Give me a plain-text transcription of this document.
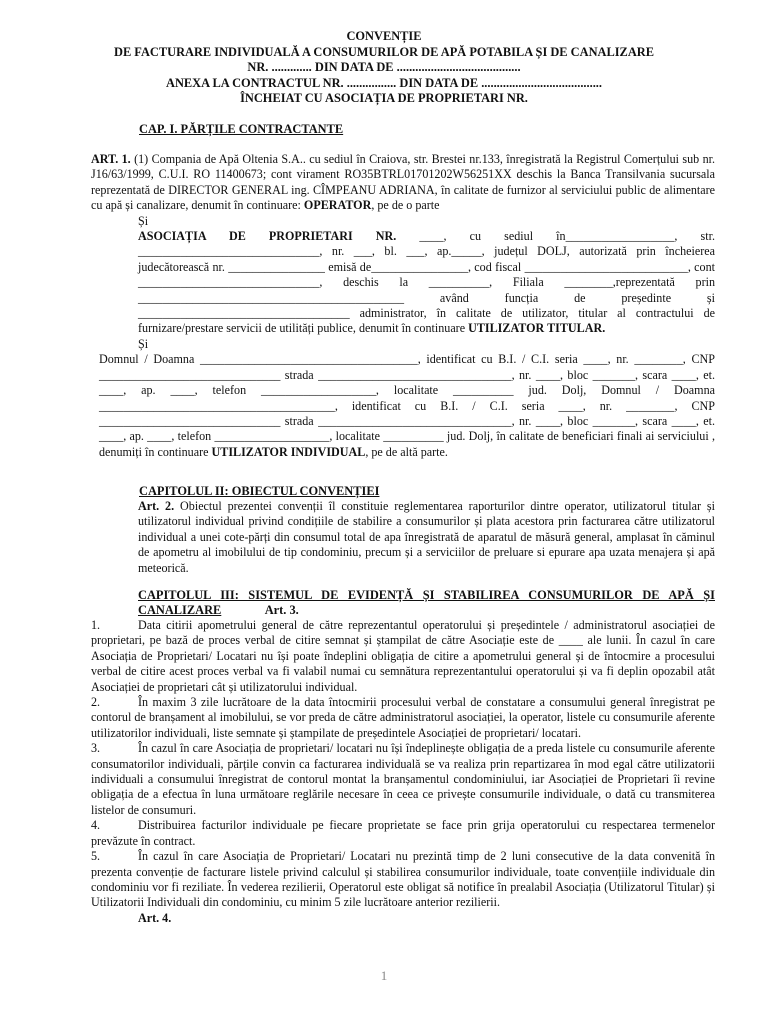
CONVENȚIE
DE FACTURARE INDIVIDUALĂ A CONSUMURILOR DE APĂ POTABILA ȘI DE CANALIZARE
NR. ............. DIN DATA DE ........................................
ANEXA LA CONTRACTUL NR. ................ DIN DATA DE .......................................
ÎNCHEIAT CU ASOCIAȚIA DE PROPRIETARI NR.
CAP. I. PĂRȚILE CONTRACTANTE

ART. 1. (1) Compania de Apă Oltenia S.A.. cu sediul în Craiova, str. Brestei nr.133, înregistrată la Registrul Comerțului sub nr. J16/63/1999, C.U.I. RO 11400673; cont virament RO35BTRL01701202W56251XX deschis la Banca Transilvania sucursala reprezentată de DIRECTOR GENERAL ing. CÎMPEANU ADRIANA, în calitate de furnizor al serviciului public de alimentare cu apă și canalizare, denumit în continuare: OPERATOR, pe de o parte

Și

ASOCIAȚIA DE PROPRIETARI NR. ____, cu sediul în__________________, str. ______________________________, nr. ___, bl. ___, ap._____, județul DOLJ, autorizată prin încheierea judecătorească nr. ________________ emisă de________________, cod fiscal ___________________________, cont ______________________________, deschis la __________, Filiala ________,reprezentată prin ____________________________________________ având funcția de președinte și ___________________________________ administrator, în calitate de utilizator, titular al contractului de furnizare/prestare servicii de utilități publice, denumit în continuare UTILIZATOR TITULAR.

Și

Domnul / Doamna ____________________________________, identificat cu B.I. / C.I. seria ____, nr. ________, CNP ______________________________ strada ________________________________, nr. ____, bloc _______, scara ____, et. ____, ap. ____, telefon ___________________, localitate __________ jud. Dolj, Domnul / Doamna _______________________________________, identificat cu B.I. / C.I. seria ____, nr. ________, CNP ______________________________ strada ________________________________, nr. ____, bloc _______, scara ____, et. ____, ap. ____, telefon ___________________, localitate __________ jud. Dolj, în calitate de beneficiari finali ai serviciului , denumiți în continuare UTILIZATOR INDIVIDUAL, pe de altă parte.

CAPITOLUL II: OBIECTUL CONVENȚIEI

Art. 2. Obiectul prezentei convenții îl constituie reglementarea raporturilor dintre operator, utilizatorul titular și utilizatorul individual privind condițiile de stabilire a consumurilor și plata acestora prin facturarea către utilizatorul individual a unei cote-părți din consumul total de apa înregistrată de aparatul de măsură general, amplasat în căminul de apometru al imobilului de tip condominiu, precum și a serviciilor de preluare si epurare apa uzata menajera și apă meteorică.

CAPITOLUL III: SISTEMUL DE EVIDENȚĂ ȘI STABILIREA CONSUMURILOR DE APĂ ȘI CANALIZARE	Art. 3.

1.	Data citirii apometrului general de către reprezentantul operatorului și președintele / administratorul asociației de proprietari, pe bază de proces verbal de citire semnat și ștampilat de către Asociație este de ____ ale lunii. În cazul în care Asociația de Proprietari/ Locatari nu își poate îndeplini obligația de citire a apometrului general și de întocmire a procesului verbal de citire acest proces verbal va fi valabil numai cu semnătura reprezentantului operatorului și va fi deplin opozabil atât Asociației de proprietari cât și utilizatorului individual.

2.	În maxim 3 zile lucrătoare de la data întocmirii procesului verbal de constatare a consumului general înregistrat pe contorul de branșament al imobilului, se vor preda de către administratorul asociației, la operator, listele cu consumurile aferente utilizatorilor individuali, liste semnate și ștampilate de președintele Asociației de proprietari/ locatari.

3.	În cazul în care Asociația de proprietari/ locatari nu își îndeplinește obligația de a preda listele cu consumurile aferente consumatorilor individuali, părțile convin ca facturarea individuală se va realiza prin repartizarea în mod egal către utilizatorii individuali a consumului înregistrat de contorul montat la branșamentul condominiului, iar Asociației de Proprietari îi revine obligația de a efectua în luna următoare reglările necesare în ceea ce privește consumurile individuale, o dată cu transmiterea listelor de consumuri.

4.	Distribuirea facturilor individuale pe fiecare proprietate se face prin grija operatorului cu respectarea termenelor prevăzute în contract.

5.	În cazul în care Asociația de Proprietari/ Locatari nu prezintă timp de 2 luni consecutive de la data convenită în prezenta convenție de facturare listele privind calculul și stabilirea consumurilor individuale, toate convențiile individuale din condominiu vor fi reziliate. În vederea rezilierii, Operatorul este obligat să notifice în prealabil Asociația (Utilizatorul Titular) și Utilizatorii Individuali din condominiu, cu minim 5 zile lucrătoare anterior rezilierii.

Art. 4.

1
